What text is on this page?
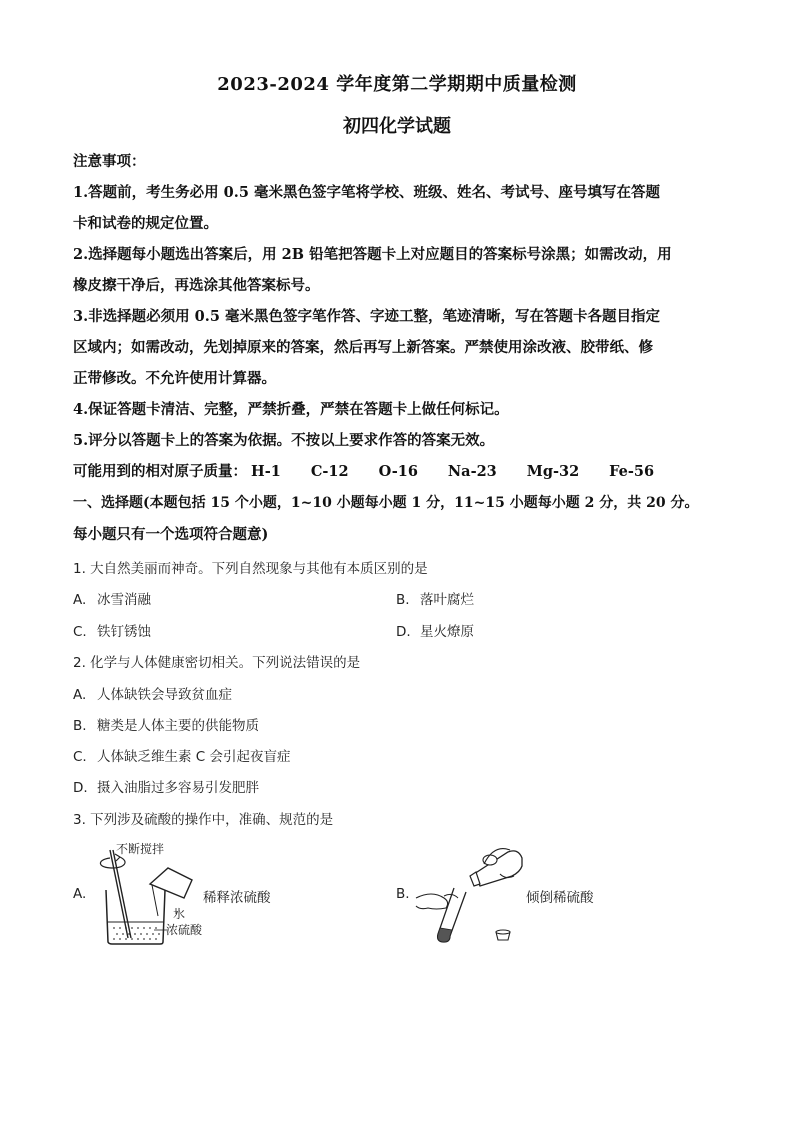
2023-2024 学年度第二学期期中质量检测
初四化学试题
注意事项：
1.答题前，考生务必用 0.5 毫米黑色签字笔将学校、班级、姓名、考试号、座号填写在答题
卡和试卷的规定位置。
2.选择题每小题选出答案后，用 2B 铅笔把答题卡上对应题目的答案标号涂黑；如需改动，用
橡皮擦干净后，再选涂其他答案标号。
3.非选择题必须用 0.5 毫米黑色签字笔作答、字迹工整，笔迹清晰，写在答题卡各题目指定
区域内；如需改动，先划掉原来的答案，然后再写上新答案。严禁使用涂改液、胶带纸、修
正带修改。不允许使用计算器。
4.保证答题卡清洁、完整，严禁折叠，严禁在答题卡上做任何标记。
5.评分以答题卡上的答案为依据。不按以上要求作答的答案无效。
可能用到的相对原子质量： H-1 C-12 O-16 Na-23 Mg-32 Fe-56
一、选择题(本题包括 15 个小题，1~10 小题每小题 1 分，11~15 小题每小题 2 分，共 20 分。
每小题只有一个选项符合题意)
1. 大自然美丽而神奇。下列自然现象与其他有本质区别的是
A. 冰雪消融	B. 落叶腐烂
C. 铁钉锈蚀	D. 星火燎原
2. 化学与人体健康密切相关。下列说法错误的是
A. 人体缺铁会导致贫血症
B. 糖类是人体主要的供能物质
C. 人体缺乏维生素 C 会引起夜盲症
D. 摄入油脂过多容易引发肥胖
3. 下列涉及硫酸的操作中，准确、规范的是
A.
不断搅拌
水
浓硫酸
稀释浓硫酸	B.	倾倒稀硫酸
